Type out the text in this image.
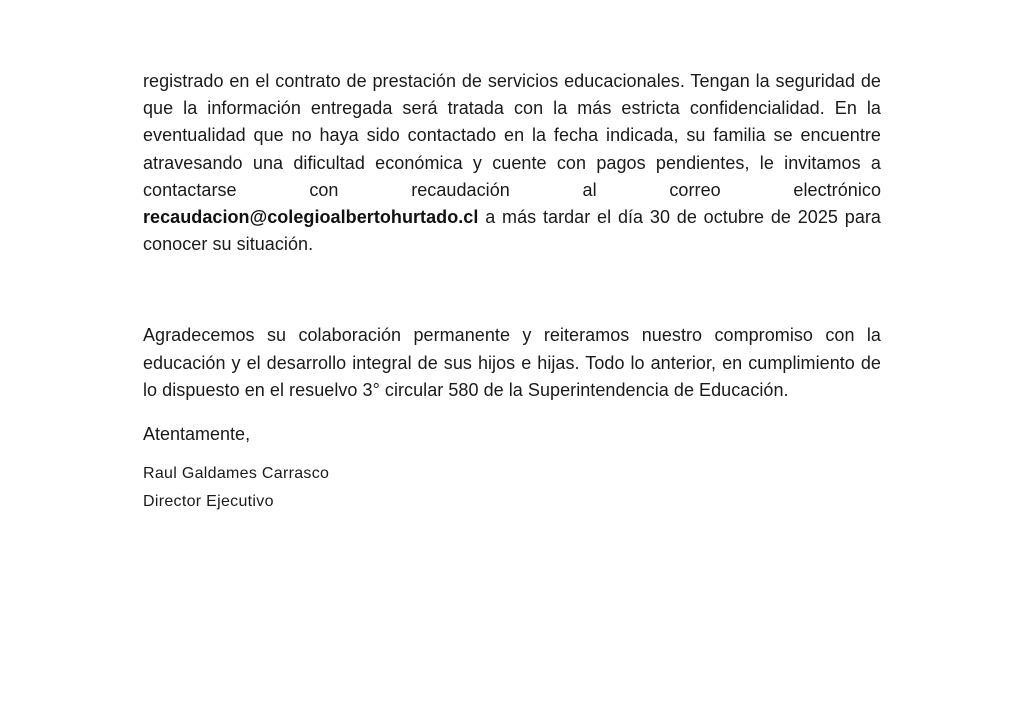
registrado en el contrato de prestación de servicios educacionales. Tengan la seguridad de que la información entregada será tratada con la más estricta confidencialidad. En la eventualidad que no haya sido contactado en la fecha indicada, su familia se encuentre atravesando una dificultad económica y cuente con pagos pendientes, le invitamos a contactarse con recaudación al correo electrónico recaudacion@colegioalbertohurtado.cl a más tardar el día 30 de octubre de 2025 para conocer su situación.

Agradecemos su colaboración permanente y reiteramos nuestro compromiso con la educación y el desarrollo integral de sus hijos e hijas. Todo lo anterior, en cumplimiento de lo dispuesto en el resuelvo 3° circular 580 de la Superintendencia de Educación.

Atentamente,

Raul Galdames Carrasco

Director Ejecutivo
